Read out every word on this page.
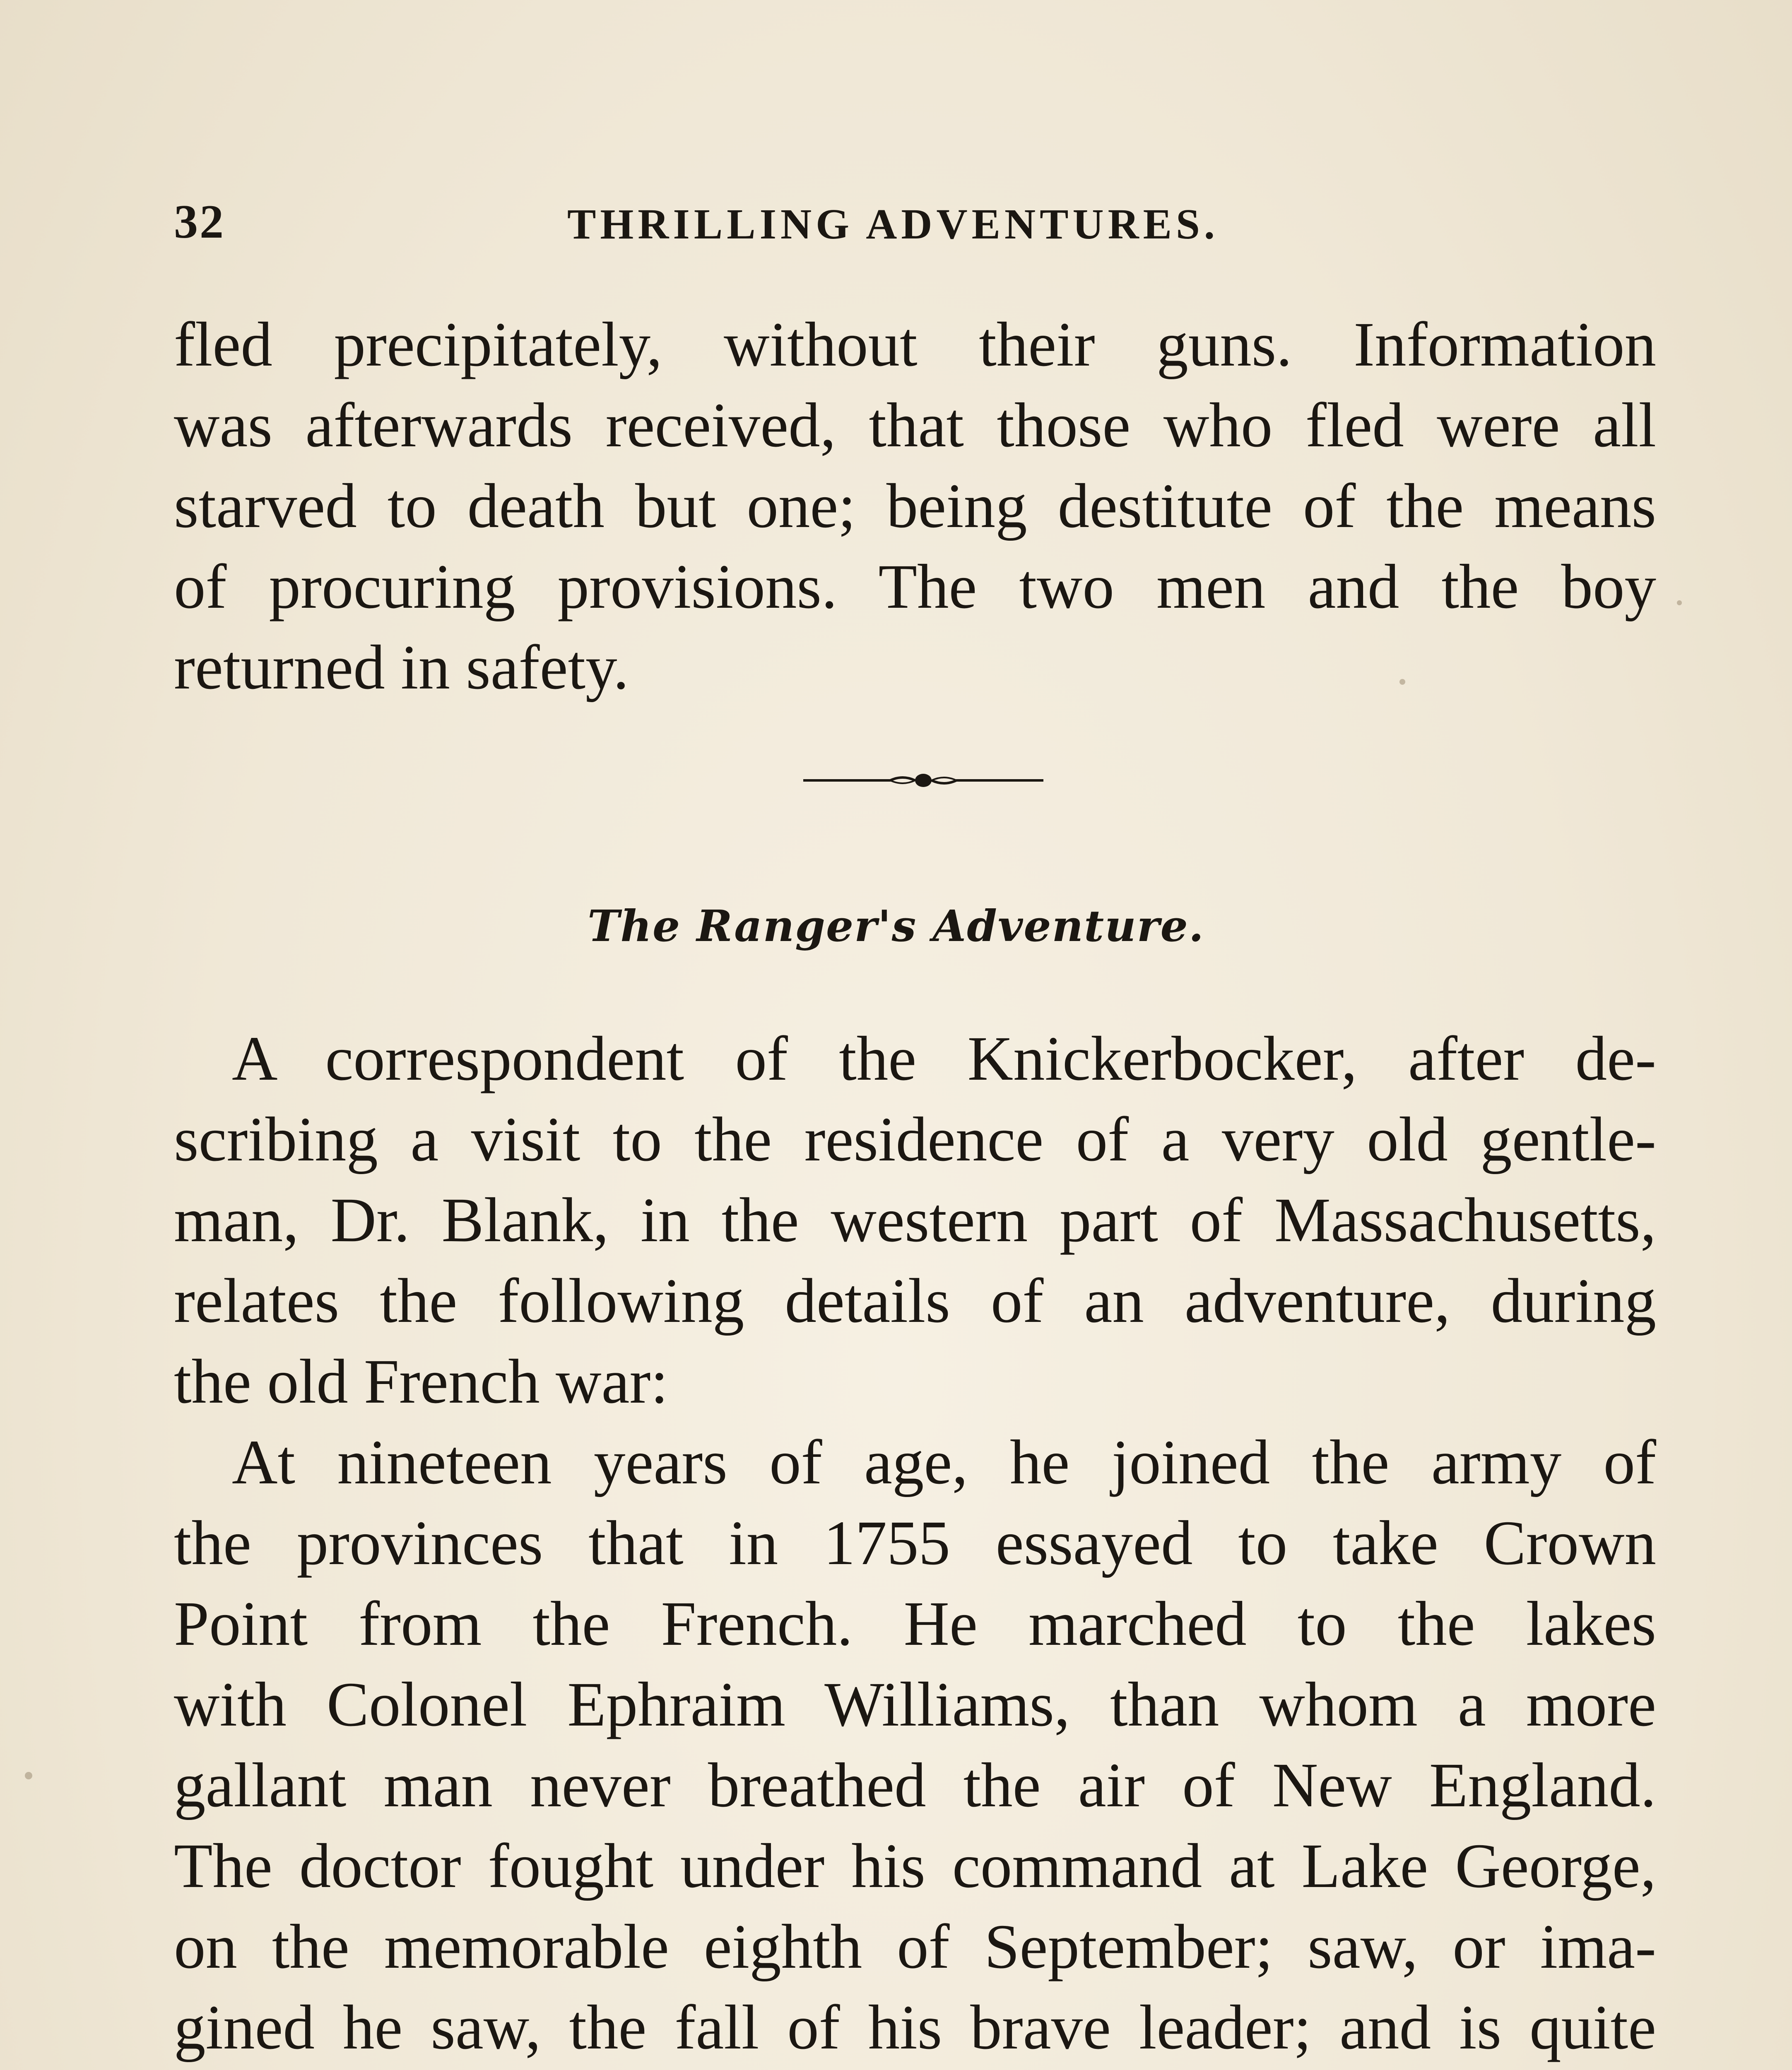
32	THRILLING ADVENTURES.
fled precipitately, without their guns. Information
was afterwards received, that those who fled were all
starved to death but one; being destitute of the means
of procuring provisions. The two men and the boy
returned in safety.
The Ranger's Adventure.
A correspondent of the Knickerbocker, after de-
scribing a visit to the residence of a very old gentle-
man, Dr. Blank, in the western part of Massachusetts,
relates the following details of an adventure, during
the old French war:
At nineteen years of age, he joined the army of
the provinces that in 1755 essayed to take Crown
Point from the French. He marched to the lakes
with Colonel Ephraim Williams, than whom a more
gallant man never breathed the air of New England.
The doctor fought under his command at Lake George,
on the memorable eighth of September; saw, or ima-
gined he saw, the fall of his brave leader; and is quite
